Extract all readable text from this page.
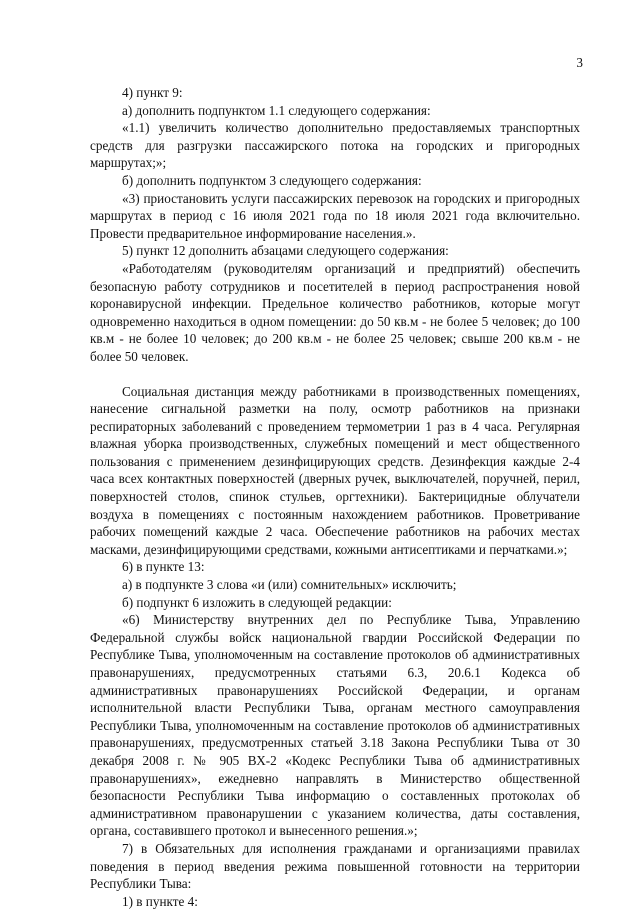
3

4) пункт 9:

а) дополнить подпунктом 1.1 следующего содержания:

«1.1) увеличить количество дополнительно предоставляемых транспортных средств для разгрузки пассажирского потока на городских и пригородных маршрутах;»;

б) дополнить подпунктом 3 следующего содержания:

«3) приостановить услуги пассажирских перевозок на городских и пригородных маршрутах в период с 16 июля 2021 года по 18 июля 2021 года включительно. Провести предварительное информирование населения.».

5) пункт 12 дополнить абзацами следующего содержания:

«Работодателям (руководителям организаций и предприятий) обеспечить безопасную работу сотрудников и посетителей в период распространения новой коронавирусной инфекции. Предельное количество работников, которые могут одновременно находиться в одном помещении: до 50 кв.м - не более 5 человек; до 100 кв.м - не более 10 человек; до 200 кв.м - не более 25 человек; свыше 200 кв.м - не более 50 человек.

Социальная дистанция между работниками в производственных помещениях, нанесение сигнальной разметки на полу, осмотр работников на признаки респираторных заболеваний с проведением термометрии 1 раз в 4 часа. Регулярная влажная уборка производственных, служебных помещений и мест общественного пользования с применением дезинфицирующих средств. Дезинфекция каждые 2-4 часа всех контактных поверхностей (дверных ручек, выключателей, поручней, перил, поверхностей столов, спинок стульев, оргтехники). Бактерицидные облучатели воздуха в помещениях с постоянным нахождением работников. Проветривание рабочих помещений каждые 2 часа. Обеспечение работников на рабочих местах масками, дезинфицирующими средствами, кожными антисептиками и перчатками.»;

6) в пункте 13:

а) в подпункте 3 слова «и (или) сомнительных» исключить;

б) подпункт 6 изложить в следующей редакции:

«6) Министерству внутренних дел по Республике Тыва, Управлению Федеральной службы войск национальной гвардии Российской Федерации по Республике Тыва, уполномоченным на составление протоколов об административных правонарушениях, предусмотренных статьями 6.3, 20.6.1 Кодекса об административных правонарушениях Российской Федерации, и органам исполнительной власти Республики Тыва, органам местного самоуправления Республики Тыва, уполномоченным на составление протоколов об административных правонарушениях, предусмотренных статьей 3.18 Закона Республики Тыва от 30 декабря 2008 г. № 905 ВХ-2 «Кодекс Республики Тыва об административных правонарушениях», ежедневно направлять в Министерство общественной безопасности Республики Тыва информацию о составленных протоколах об административном правонарушении с указанием количества, даты составления, органа, составившего протокол и вынесенного решения.»;

7) в Обязательных для исполнения гражданами и организациями правилах поведения в период введения режима повышенной готовности на территории Республики Тыва:

1) в пункте 4:
